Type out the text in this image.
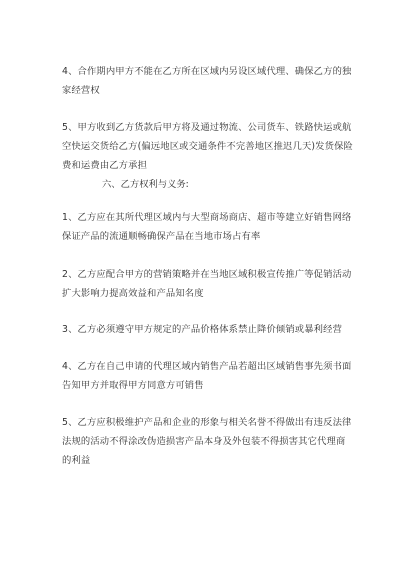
4、合作期内甲方不能在乙方所在区域内另设区域代理、确保乙方的独家经营权

5、甲方收到乙方货款后甲方将及通过物流、公司货车、铁路快运或航空快运交货给乙方(偏远地区或交通条件不完善地区推迟几天)发货保险费和运费由乙方承担

六、乙方权利与义务:

1、乙方应在其所代理区域内与大型商场商店、超市等建立好销售网络保证产品的流通顺畅确保产品在当地市场占有率

2、乙方应配合甲方的营销策略并在当地区域积极宣传推广等促销活动扩大影响力提高效益和产品知名度

3、乙方必须遵守甲方规定的产品价格体系禁止降价倾销或暴利经营

4、乙方在自己申请的代理区域内销售产品若超出区域销售事先须书面告知甲方并取得甲方同意方可销售

5、乙方应积极维护产品和企业的形象与相关名誉不得做出有违反法律法规的活动不得涂改伪造损害产品本身及外包装不得损害其它代理商的利益
